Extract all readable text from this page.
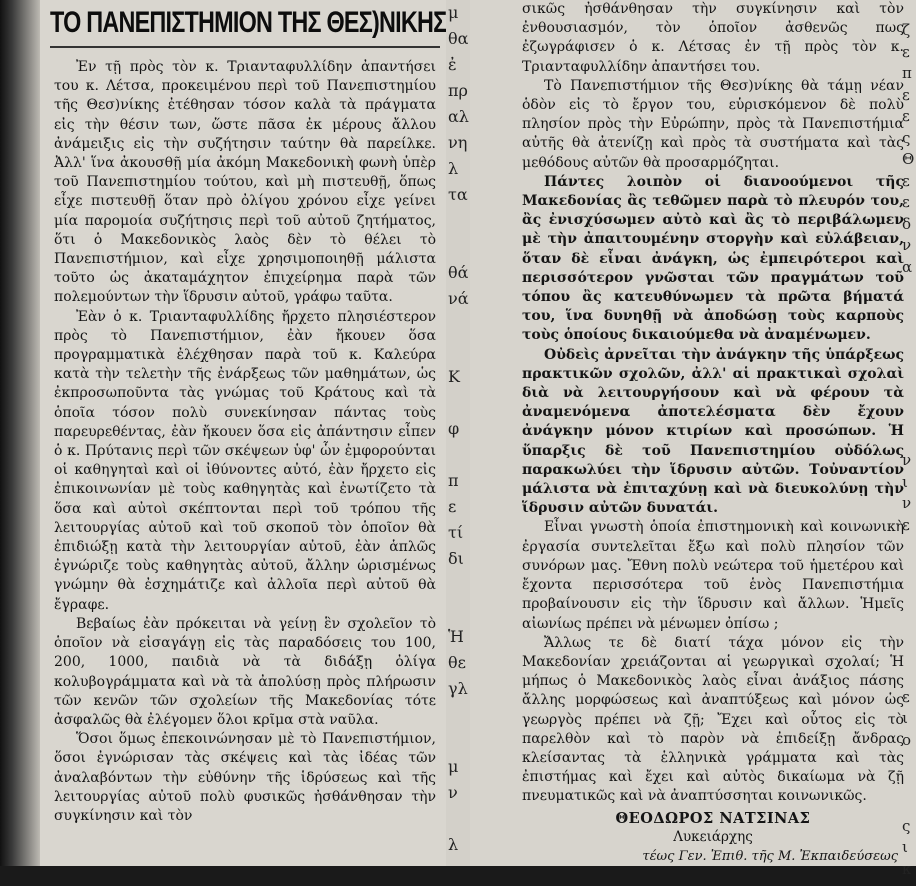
ΤΟ ΠΑΝΕΠΙΣΤΗΜΙΟΝ ΤΗΣ ΘΕΣ)ΝΙΚΗΣ

Ἐν τῇ πρὸς τὸν κ. Τριανταφυλλίδην ἀπαντήσει του κ. Λέτσα, προκειμένου περὶ τοῦ Πανεπιστημίου τῆς Θεσ)νίκης ἐτέθησαν τόσον καλὰ τὰ πράγματα εἰς τὴν θέσιν των, ὥστε πᾶσα ἐκ μέρους ἄλλου ἀνάμειξις εἰς τὴν συζήτησιν ταύτην θὰ παρείλκε. Ἀλλ' ἵνα ἀκουσθῇ μία ἀκόμη Μακεδονικὴ φωνὴ ὑπὲρ τοῦ Πανεπιστημίου τούτου, καὶ μὴ πιστευθῇ, ὅπως εἶχε πιστευθῇ ὅταν πρὸ ὀλίγου χρόνου εἶχε γείνει μία παρομοία συζήτησις περὶ τοῦ αὐτοῦ ζητήματος, ὅτι ὁ Μακεδονικὸς λαὸς δὲν τὸ θέλει τὸ Πανεπιστήμιον, καὶ εἶχε χρησιμοποιηθῇ μάλιστα τοῦτο ὡς ἀκαταμάχητον ἐπιχείρημα παρὰ τῶν πολεμούντων τὴν ἵδρυσιν αὐτοῦ, γράφω ταῦτα.

Ἐὰν ὁ κ. Τριανταφυλλίδης ἤρχετο πλησιέστερον πρὸς τὸ Πανεπιστήμιον, ἐὰν ἤκουεν ὅσα προγραμματικὰ ἐλέχθησαν παρὰ τοῦ κ. Καλεύρα κατὰ τὴν τελετὴν τῆς ἐνάρξεως τῶν μαθημάτων, ὡς ἐκπροσωποῦντα τὰς γνώμας τοῦ Κράτους καὶ τὰ ὁποῖα τόσον πολὺ συνεκίνησαν πάντας τοὺς παρευρεθέντας, ἐὰν ἤκουεν ὅσα εἰς ἀπάντησιν εἶπεν ὁ κ. Πρύτανις περὶ τῶν σκέψεων ὑφ' ὧν ἐμφορούνται οἱ καθηγηταὶ καὶ οἱ ἰθύνοντες αὐτό, ἐὰν ἤρχετο εἰς ἐπικοινωνίαν μὲ τοὺς καθηγητὰς καὶ ἐνωτίζετο τὰ ὅσα καὶ αὐτοὶ σκέπτονται περὶ τοῦ τρόπου τῆς λειτουργίας αὐτοῦ καὶ τοῦ σκοποῦ τὸν ὁποῖον θὰ ἐπιδιώξῃ κατὰ τὴν λειτουργίαν αὐτοῦ, ἐὰν ἁπλῶς ἐγνώριζε τοὺς καθηγητὰς αὐτοῦ, ἄλλην ὡρισμένως γνώμην θὰ ἐσχημάτιζε καὶ ἀλλοῖα περὶ αὐτοῦ θὰ ἔγραφε.

Βεβαίως ἐὰν πρόκειται νὰ γείνῃ ἓν σχολεῖον τὸ ὁποῖον νὰ εἰσαγάγῃ εἰς τὰς παραδόσεις του 100, 200, 1000, παιδιὰ νὰ τὰ διδάξῃ ὀλίγα κολυβογράμματα καὶ νὰ τὰ ἀπολύσῃ πρὸς πλήρωσιν τῶν κενῶν τῶν σχολείων τῆς Μακεδονίας τότε ἀσφαλῶς θὰ ἐλέγομεν ὅλοι κρῖμα στὰ ναῦλα.

Ὅσοι ὅμως ἐπεκοινώνησαν μὲ τὸ Πανεπιστήμιον, ὅσοι ἐγνώρισαν τὰς σκέψεις καὶ τὰς ἰδέας τῶν ἀναλαβόντων τὴν εὐθύνην τῆς ἱδρύσεως καὶ τῆς λειτουργίας αὐτοῦ πολὺ φυσικῶς ἠσθάνθησαν τὴν συγκίνησιν καὶ τὸν

μ
θα
ἐ
πρ
αλ
νη
λ
τα

θά
νά

Κ

φ

π
ε
τί
δι

Ἡ
θε
γλ

μ
ν

λ

σικῶς ἠσθάνθησαν τὴν συγκίνησιν καὶ τὸν ἐνθουσιασμόν, τὸν ὁποῖον ἀσθενῶς πως ἐζωγράφισεν ὁ κ. Λέτσας ἐν τῇ πρὸς τὸν κ. Τριανταφυλλίδην ἀπαντήσει του.

Τὸ Πανεπιστήμιον τῆς Θεσ)νίκης θὰ τάμῃ νέαν ὁδὸν εἰς τὸ ἔργον του, εὑρισκόμενον δὲ πολὺ πλησίον πρὸς τὴν Εὐρώπην, πρὸς τὰ Πανεπιστήμια αὐτῆς θὰ ἀτενίζῃ καὶ πρὸς τὰ συστήματα καὶ τὰς μεθόδους αὐτῶν θὰ προσαρμόζηται.

Πάντες λοιπὸν οἱ διανοούμενοι τῆς Μακεδονίας ἂς τεθῶμεν παρὰ τὸ πλευρόν του, ἂς ἐνισχύσωμεν αὐτὸ καὶ ἂς τὸ περιβάλωμεν μὲ τὴν ἀπαιτουμένην στοργὴν καὶ εὐλάβειαν, ὅταν δὲ εἶναι ἀνάγκη, ὡς ἐμπειρότεροι καὶ περισσότερον γνῶσται τῶν πραγμάτων τοῦ τόπου ἂς κατευθύνωμεν τὰ πρῶτα βήματά του, ἵνα δυνηθῇ νὰ ἀποδώσῃ τοὺς καρποὺς τοὺς ὁποίους δικαιούμεθα νὰ ἀναμένωμεν.

Οὐδεὶς ἀρνεῖται τὴν ἀνάγκην τῆς ὑπάρξεως πρακτικῶν σχολῶν, ἀλλ' αἱ πρακτικαὶ σχολαὶ διὰ νὰ λειτουργήσουν καὶ νὰ φέρουν τὰ ἀναμενόμενα ἀποτελέσματα δὲν ἔχουν ἀνάγκην μόνον κτιρίων καὶ προσώπων. Ἡ ὕπαρξις δὲ τοῦ Πανεπιστημίου οὐδόλως παρακωλύει τὴν ἵδρυσιν αὐτῶν. Τοὐναντίον μάλιστα νὰ ἐπιταχύνῃ καὶ νὰ διευκολύνῃ τὴν ἵδρυσιν αὐτῶν δυνατάι.

Εἶναι γνωστὴ ὁποία ἐπιστημονικὴ καὶ κοινωνικὴ ἐργασία συντελεῖται ἔξω καὶ πολὺ πλησίον τῶν συνόρων μας. Ἔθνη πολὺ νεώτερα τοῦ ἡμετέρου καὶ ἔχοντα περισσότερα τοῦ ἑνὸς Πανεπιστήμια προβαίνουσιν εἰς τὴν ἵδρυσιν καὶ ἄλλων. Ἡμεῖς αἰωνίως πρέπει νὰ μένωμεν ὀπίσω ;

Ἄλλως τε δὲ διατί τάχα μόνον εἰς τὴν Μακεδονίαν χρειάζονται αἱ γεωργικαὶ σχολαί; Ἡ μήπως ὁ Μακεδονικὸς λαὸς εἶναι ἀνάξιος πάσης ἄλλης μορφώσεως καὶ ἀναπτύξεως καὶ μόνον ὡς γεωργὸς πρέπει νὰ ζῇ; Ἔχει καὶ οὗτος εἰς τὸ παρελθὸν καὶ τὸ παρὸν νὰ ἐπιδείξῃ ἄνδρας κλείσαντας τὰ ἑλληνικὰ γράμματα καὶ τὰς ἐπιστήμας καὶ ἔχει καὶ αὐτὸς δικαίωμα νὰ ζῇ πνευματικῶς καὶ νὰ ἀναπτύσσηται κοινωνικῶς.

ΘΕΟΔΩΡΟΣ ΝΑΤΣΙΝΑΣ
Λυκειάρχης
τέως Γεν. Ἐπιθ. τῆς Μ. Ἐκπαιδεύσεως
ζ
ε
π
ε
ε
ς
Θ
ε
ε
δ
ν
α

ν
ι
ν
ε

ε
ι
ο

ς
ι
κ
